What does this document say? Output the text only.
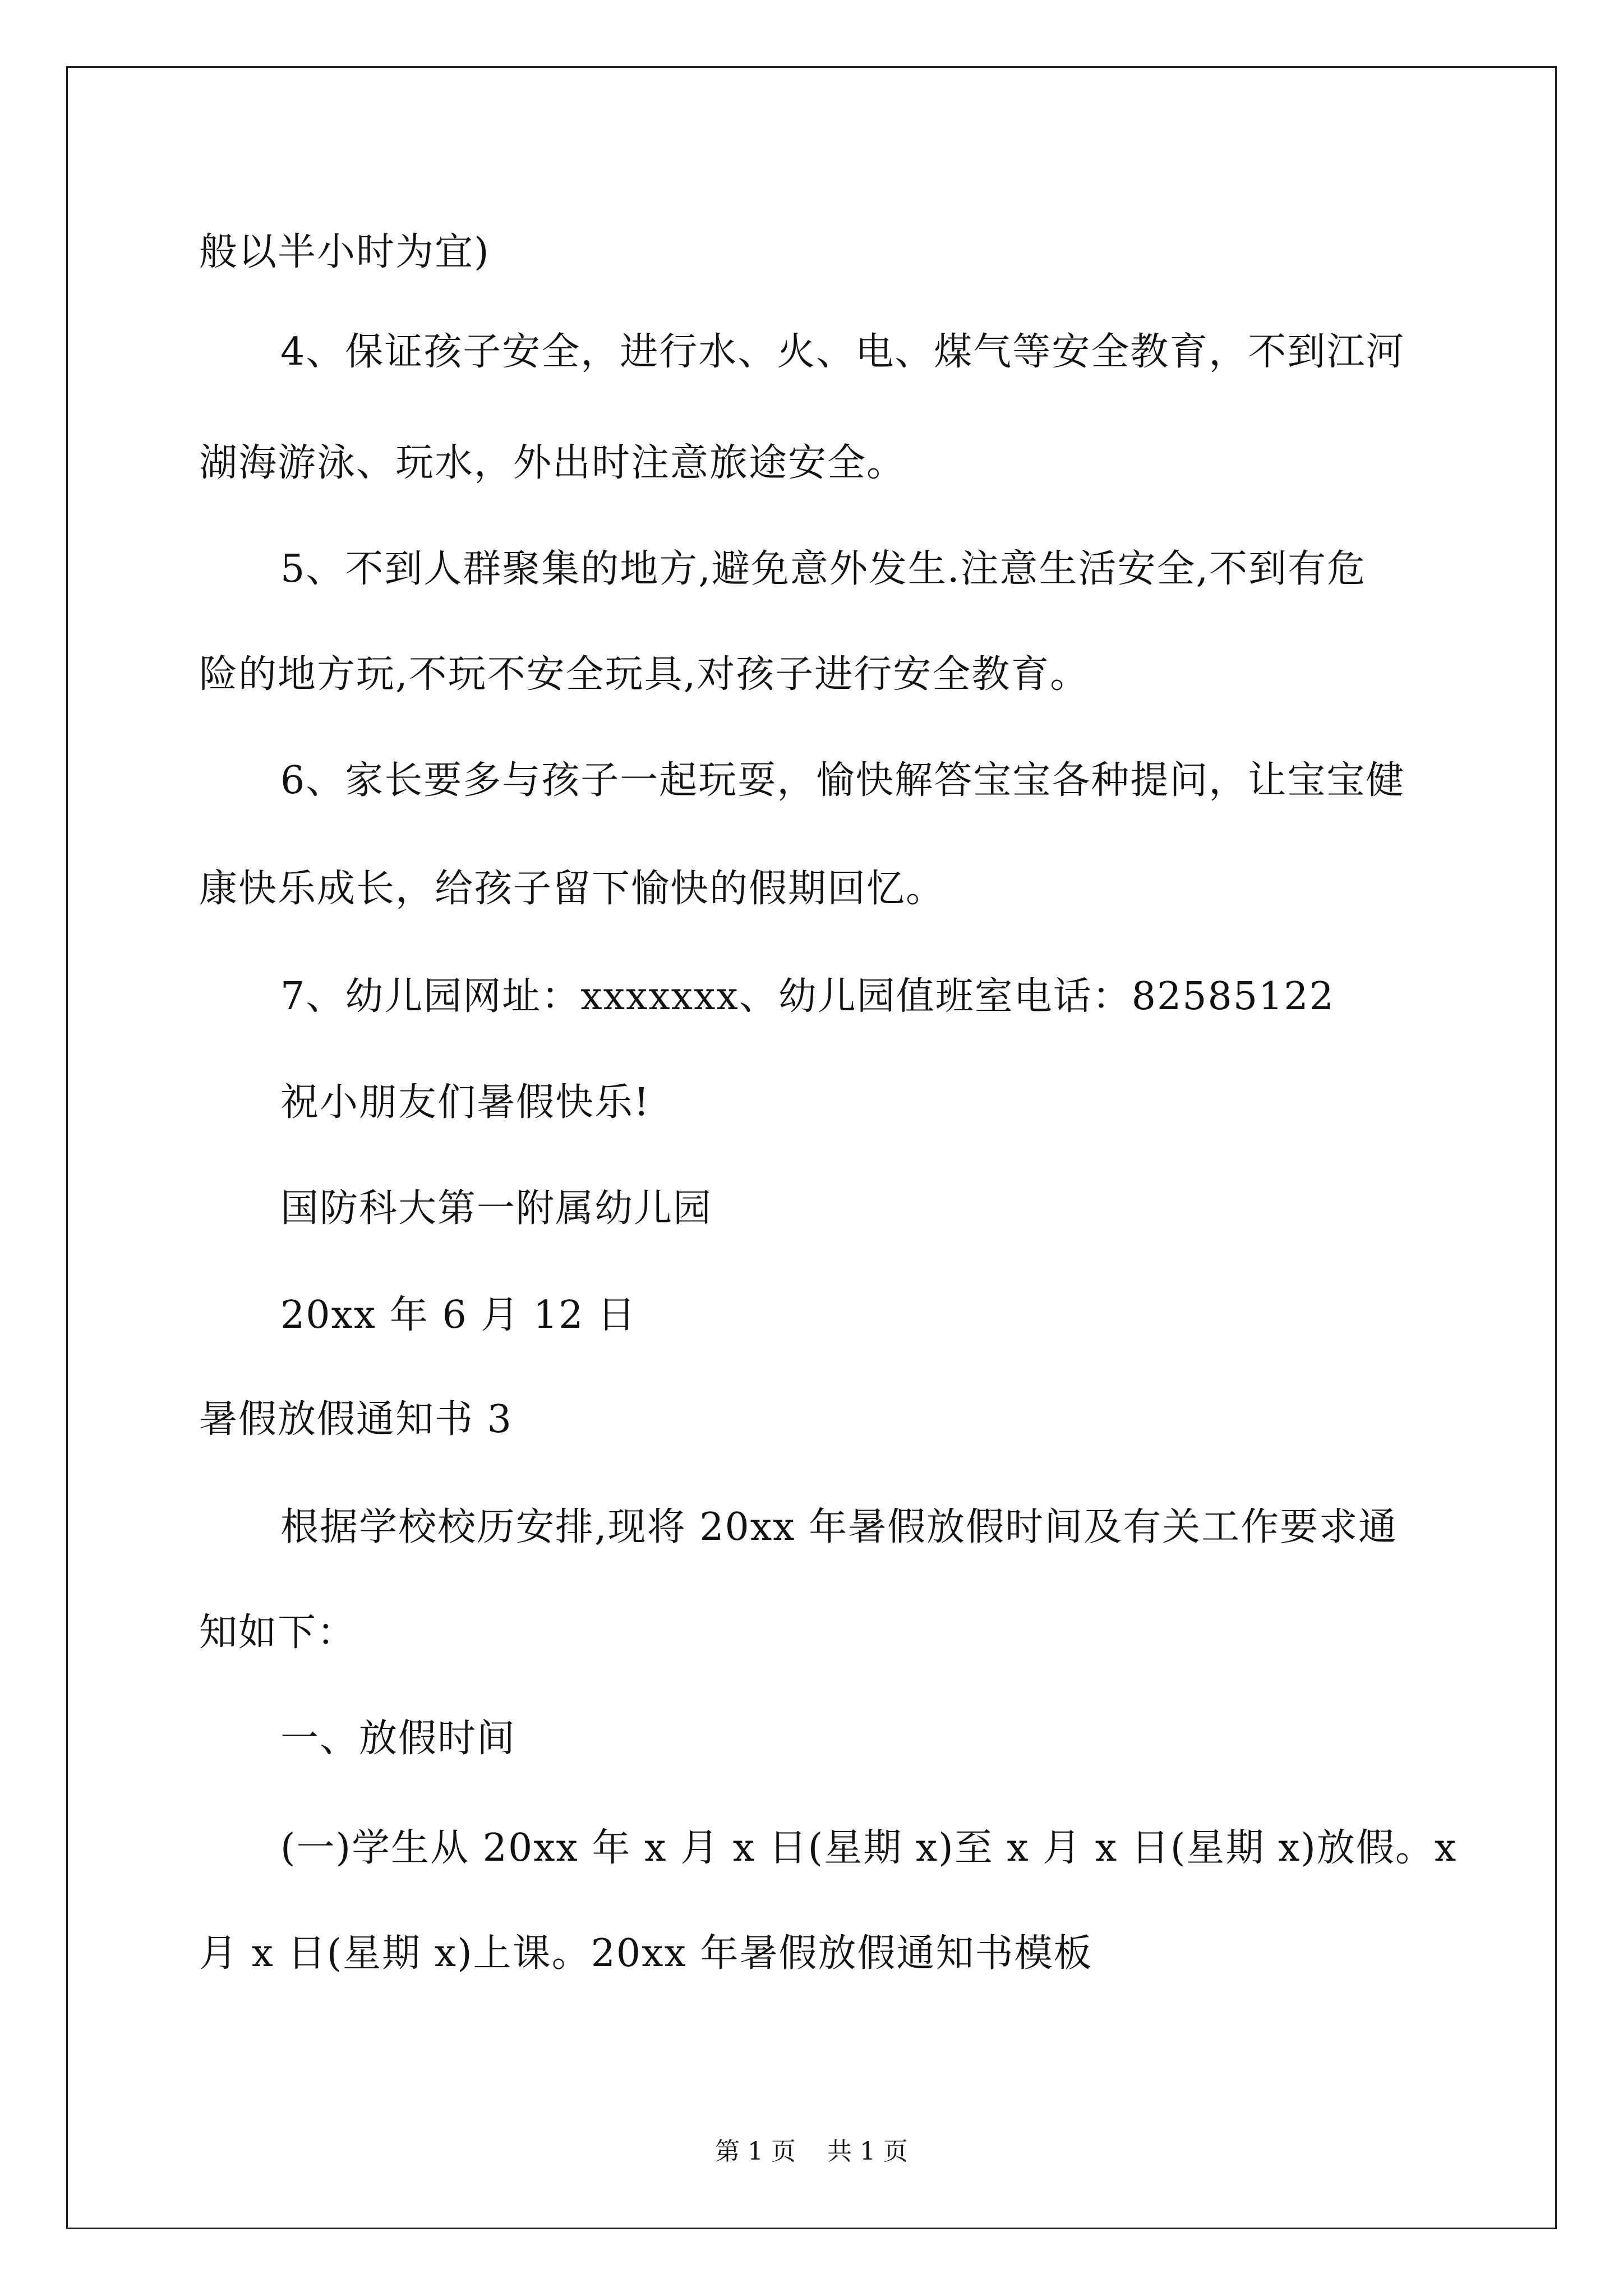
般以半小时为宜)
4、保证孩子安全，进行水、火、电、煤气等安全教育，不到江河
湖海游泳、玩水，外出时注意旅途安全。
5、不到人群聚集的地方,避免意外发生.注意生活安全,不到有危
险的地方玩,不玩不安全玩具,对孩子进行安全教育。
6、家长要多与孩子一起玩耍，愉快解答宝宝各种提问，让宝宝健
康快乐成长，给孩子留下愉快的假期回忆。
7、幼儿园网址：xxxxxxx、幼儿园值班室电话：82585122
祝小朋友们暑假快乐!
国防科大第一附属幼儿园
20xx 年 6 月 12 日
暑假放假通知书 3
根据学校校历安排,现将 20xx 年暑假放假时间及有关工作要求通
知如下：
一、放假时间
(一)学生从 20xx 年 x 月 x 日(星期 x)至 x 月 x 日(星期 x)放假。x
月 x 日(星期 x)上课。20xx 年暑假放假通知书模板
第 1 页    共 1 页
